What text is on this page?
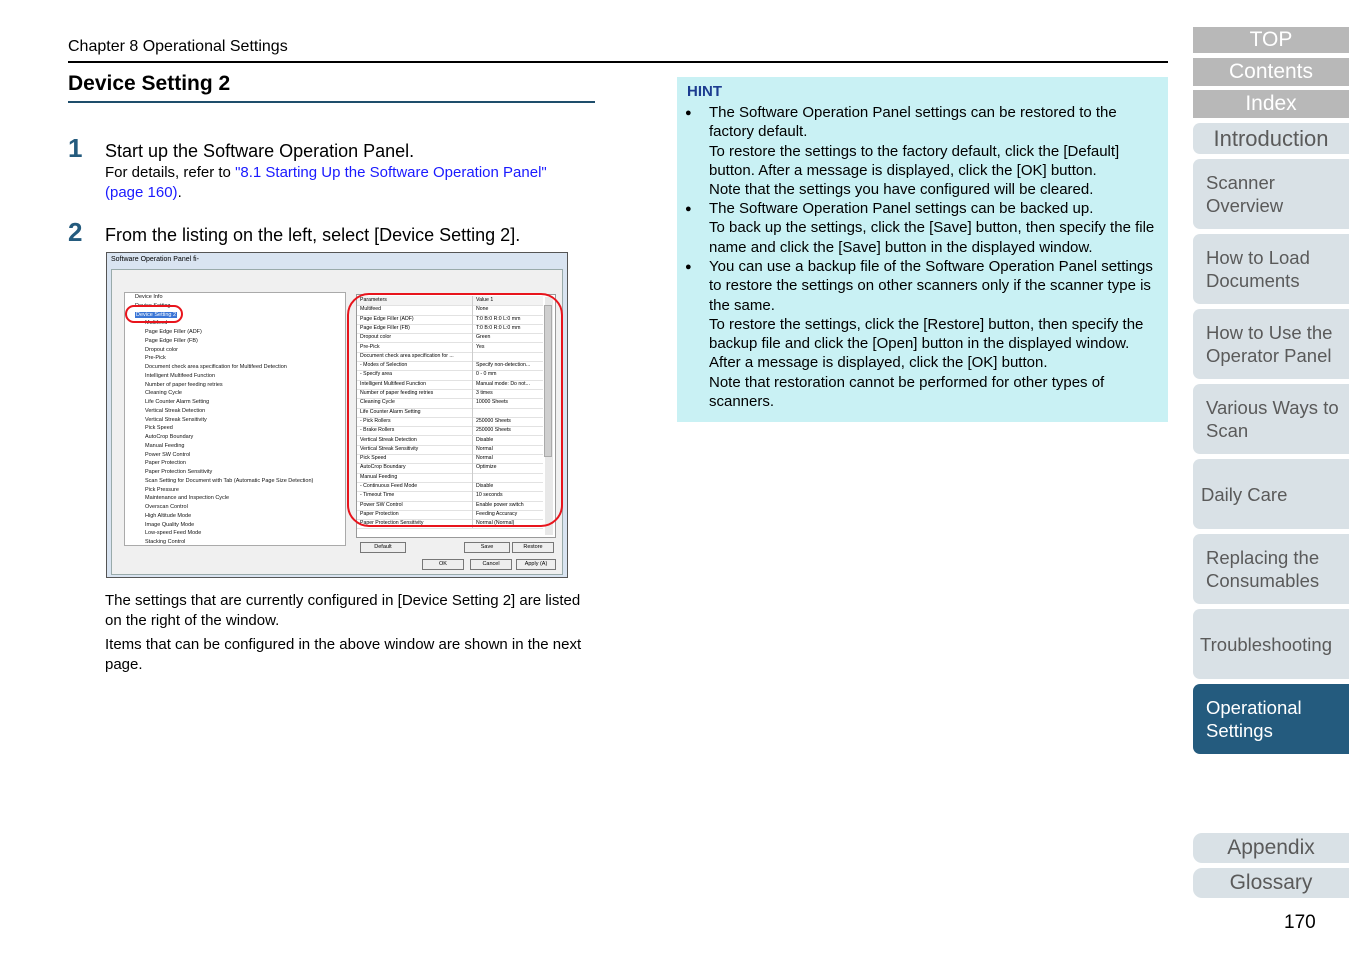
Chapter 8 Operational Settings
Device Setting 2
1 Start up the Software Operation Panel.
For details, refer to "8.1 Starting Up the Software Operation Panel"
(page 160).
2 From the listing on the left, select [Device Setting 2].
Software Operation Panel fi-
Device Info
Device Setting
Device Setting 2
Multifeed
Page Edge Filler (ADF)
Page Edge Filler (FB)
Dropout color
Pre-Pick
Document check area specification for Multifeed Detection
Intelligent Multifeed Function
Number of paper feeding retries
Cleaning Cycle
Life Counter Alarm Setting
Vertical Streak Detection
Vertical Streak Sensitivity
Pick Speed
AutoCrop Boundary
Manual Feeding
Power SW Control
Paper Protection
Paper Protection Sensitivity
Scan Setting for Document with Tab (Automatic Page Size Detection)
Pick Pressure
Maintenance and Inspection Cycle
Overscan Control
High Altitude Mode
Image Quality Mode
Low-speed Feed Mode
Stacking Control
Parameters	Value 1
Multifeed	None
Page Edge Filler (ADF)	T:0 B:0 R:0 L:0 mm
Page Edge Filler (FB)	T:0 B:0 R:0 L:0 mm
Dropout color	Green
Pre-Pick	Yes
Document check area specification for ...
- Modes of Selection	Specify non-detection...
- Specify area	0 - 0 mm
Intelligent Multifeed Function	Manual mode: Do not...
Number of paper feeding retries	3 times
Cleaning Cycle	10000 Sheets
Life Counter Alarm Setting
- Pick Rollers	250000 Sheets
- Brake Rollers	250000 Sheets
Vertical Streak Detection	Disable
Vertical Streak Sensitivity	Normal
Pick Speed	Normal
AutoCrop Boundary	Optimize
Manual Feeding
- Continuous Feed Mode	Disable
- Timeout Time	10 seconds
Power SW Control	Enable power switch
Paper Protection	Feeding Accuracy
Paper Protection Sensitivity	Normal (Normal)
Default	Save	Restore
OK	Cancel	Apply (A)
The settings that are currently configured in [Device Setting 2] are listed on the right of the window.
Items that can be configured in the above window are shown in the next page.
HINT
● The Software Operation Panel settings can be restored to the factory default.
To restore the settings to the factory default, click the [Default] button. After a message is displayed, click the [OK] button.
Note that the settings you have configured will be cleared.
● The Software Operation Panel settings can be backed up.
To back up the settings, click the [Save] button, then specify the file name and click the [Save] button in the displayed window.
● You can use a backup file of the Software Operation Panel settings to restore the settings on other scanners only if the scanner type is the same.
To restore the settings, click the [Restore] button, then specify the backup file and click the [Open] button in the displayed window. After a message is displayed, click the [OK] button.
Note that restoration cannot be performed for other types of scanners.
TOP
Contents
Index
Introduction
Scanner Overview
How to Load Documents
How to Use the Operator Panel
Various Ways to Scan
Daily Care
Replacing the Consumables
Troubleshooting
Operational Settings
Appendix
Glossary
170
